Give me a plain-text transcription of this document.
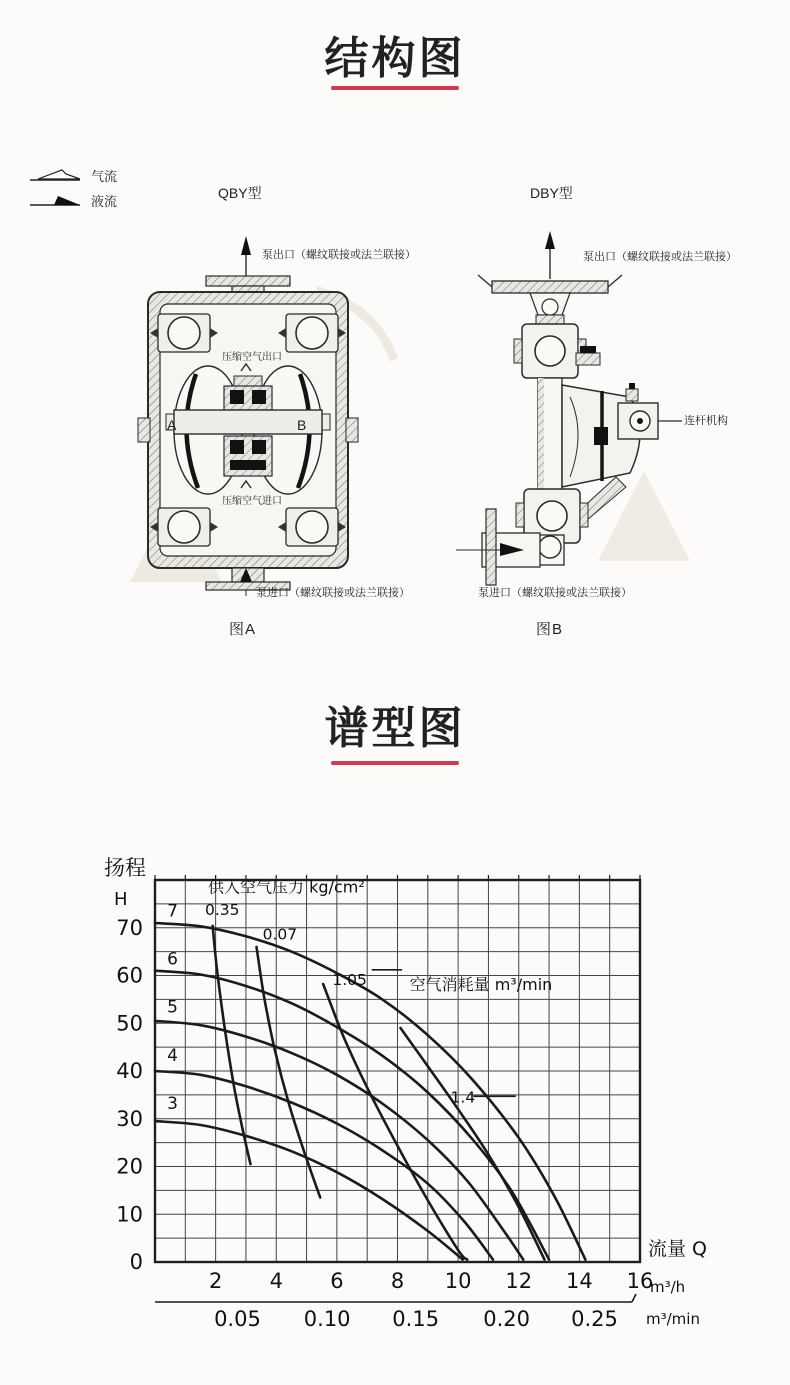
结构图
气流
液流
QBY型	DBY型
泵出口（螺纹联接或法兰联接）
压缩空气出口
A	B
压缩空气进口
泵进口（螺纹联接或法兰联接）
图A
泵出口（螺纹联接或法兰联接）
连杆机构
泵进口（螺纹联接或法兰联接）
图B
谱型图
70
60
50
40
30
20
10
0
2 4 6 8 10 12 14 16
0.05 0.10 0.15 0.20 0.25
扬程
H
流量 Q
m³/h
m³/min
7
6
5
4
3
0.35
0.07
1.05
1.4
供入空气压力 kg/cm²
空气消耗量 m³/min
